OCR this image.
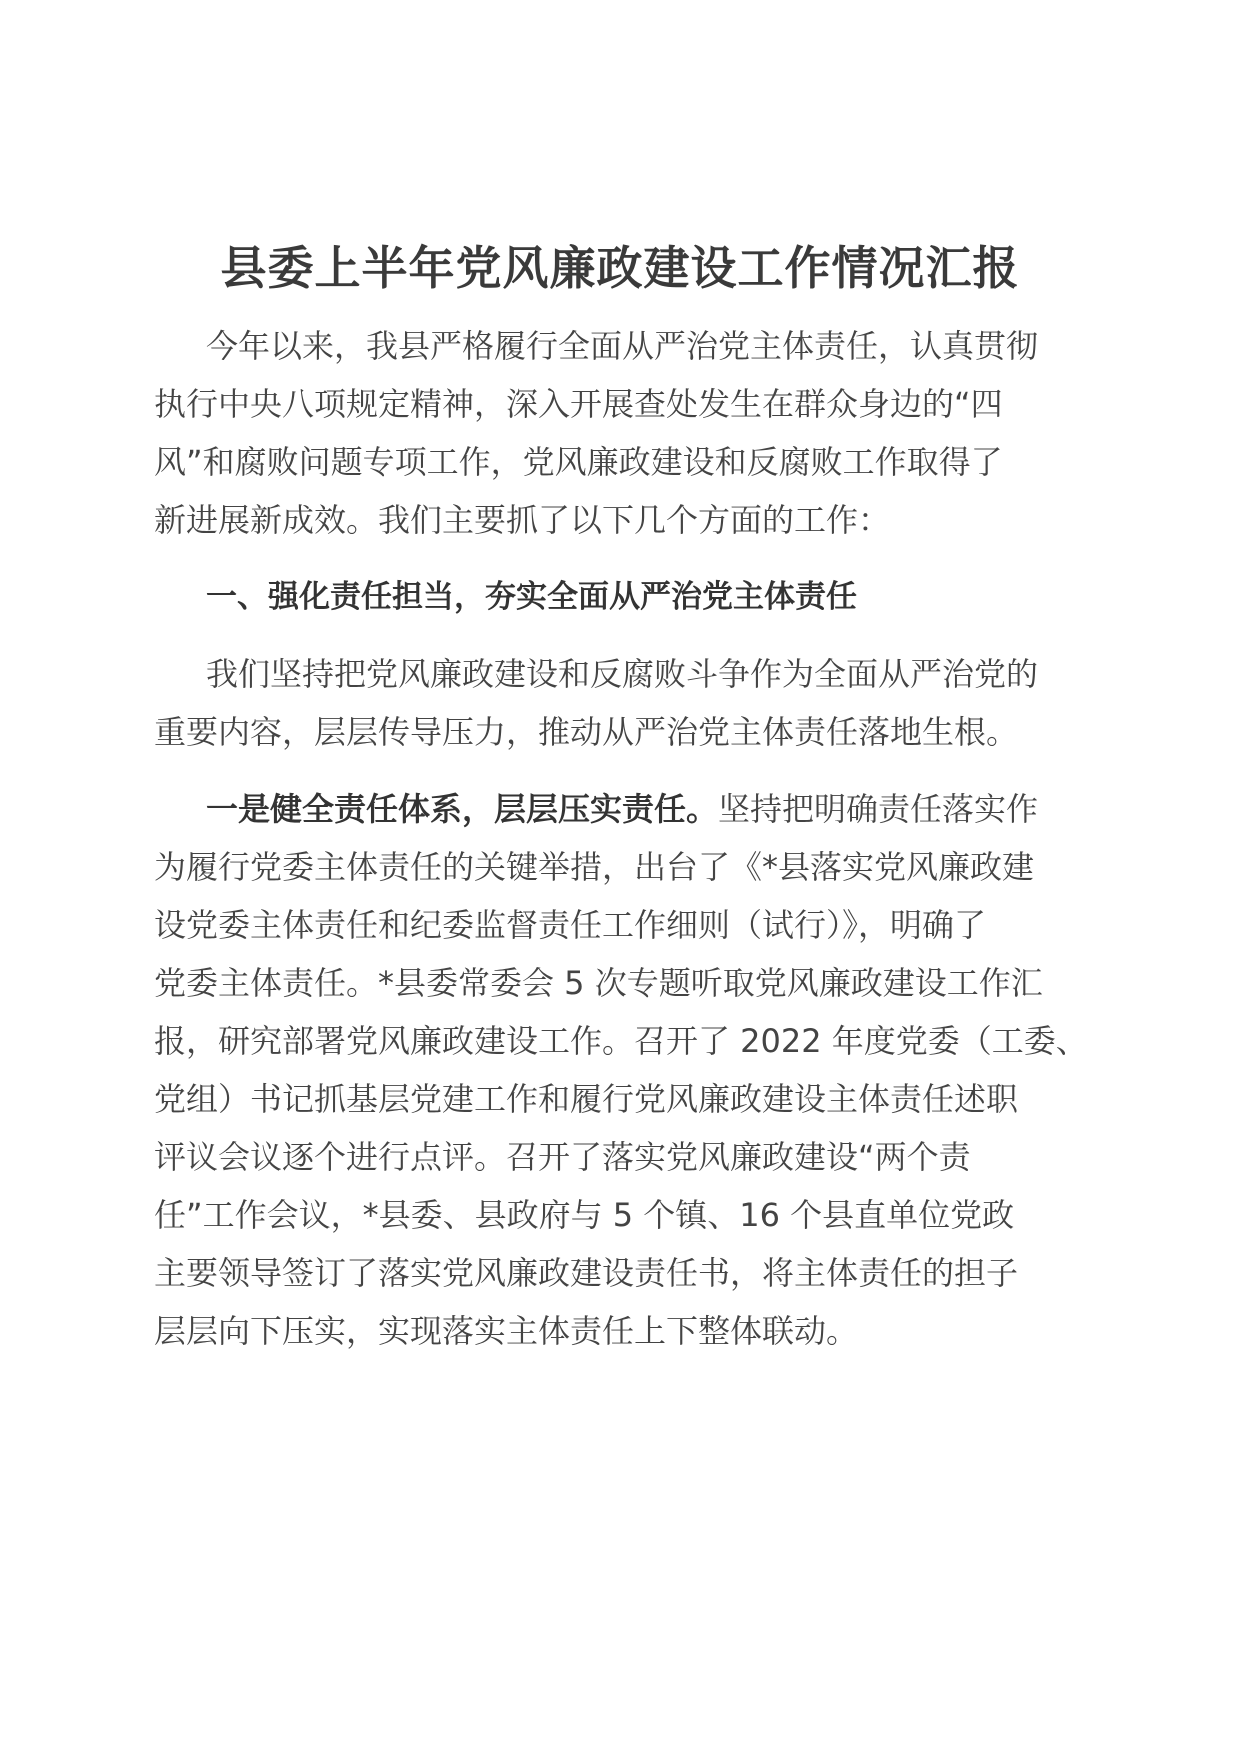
县委上半年党风廉政建设工作情况汇报
今年以来，我县严格履行全面从严治党主体责任，认真贯彻
执行中央八项规定精神，深入开展查处发生在群众身边的“四
风”和腐败问题专项工作，党风廉政建设和反腐败工作取得了
新进展新成效。我们主要抓了以下几个方面的工作：
一、强化责任担当，夯实全面从严治党主体责任
我们坚持把党风廉政建设和反腐败斗争作为全面从严治党的
重要内容，层层传导压力，推动从严治党主体责任落地生根。
一是健全责任体系，层层压实责任。坚持把明确责任落实作
为履行党委主体责任的关键举措，出台了《*县落实党风廉政建
设党委主体责任和纪委监督责任工作细则（试行）》，明确了
党委主体责任。*县委常委会 5 次专题听取党风廉政建设工作汇
报，研究部署党风廉政建设工作。召开了 2022 年度党委（工委、
党组）书记抓基层党建工作和履行党风廉政建设主体责任述职
评议会议逐个进行点评。召开了落实党风廉政建设“两个责
任”工作会议，*县委、县政府与 5 个镇、16 个县直单位党政
主要领导签订了落实党风廉政建设责任书，将主体责任的担子
层层向下压实，实现落实主体责任上下整体联动。
